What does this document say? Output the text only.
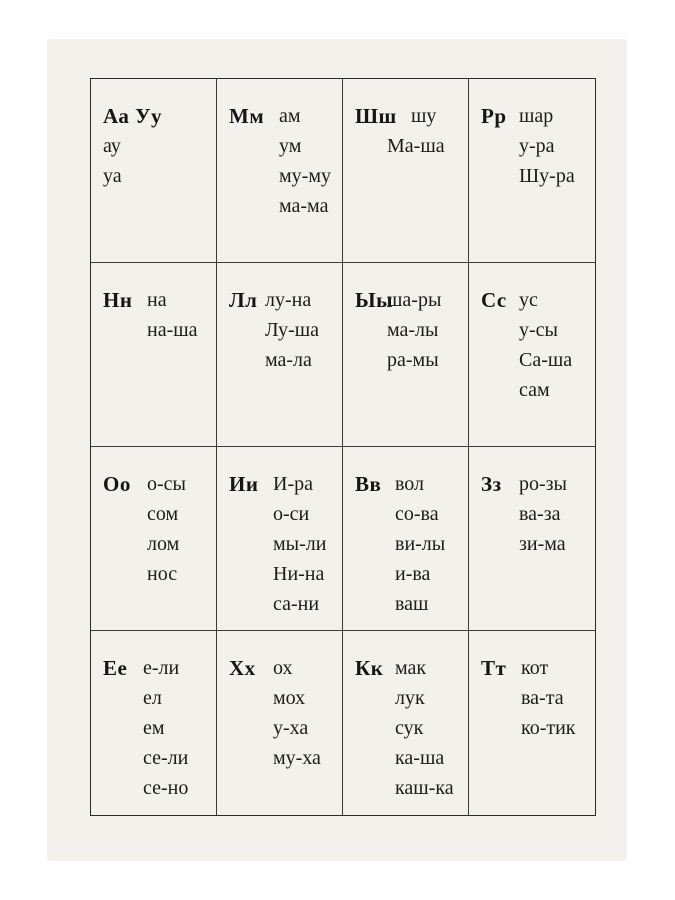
Аа Уу
ау
уа
Мм ам
ум
му-му
ма-ма
Шш шу
Ма-ша
Рр шар
у-ра
Шу-ра
Нн на
на-ша
Лл лу-на
Лу-ша
ма-ла
Ыы
ша-ры
ма-лы
ра-мы
Сс ус
у-сы
Са-ша
сам
Оо о-сы
сом
лом
нос
Ии И-ра
о-си
мы-ли
Ни-на
са-ни
Вв вол
со-ва
ви-лы
и-ва
ваш
Зз ро-зы
ва-за
зи-ма
Ее е-ли
ел
ем
се-ли
се-но
Хх ох
мох
у-ха
му-ха
Кк мак
лук
сук
ка-ша
каш-ка
Тт кот
ва-та
ко-тик
